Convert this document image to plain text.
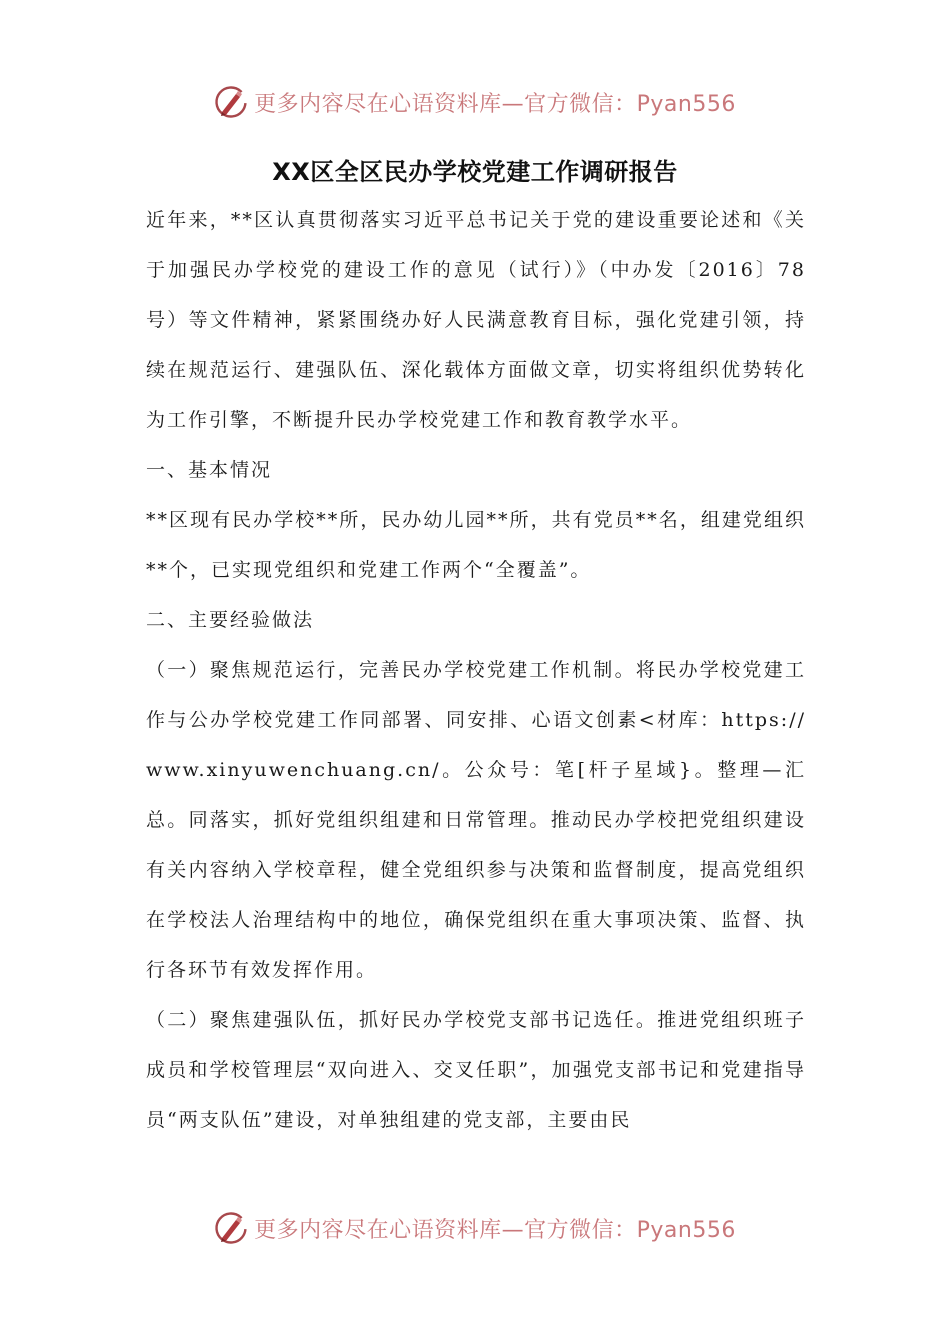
更多内容尽在心语资料库—官方微信：Pyan556
XX区全区民办学校党建工作调研报告

近年来，**区认真贯彻落实习近平总书记关于党的建设重要论述和《关于加强民办学校党的建设工作的意见（试行）》（中办发〔2016〕78号）等文件精神，紧紧围绕办好人民满意教育目标，强化党建引领，持续在规范运行、建强队伍、深化载体方面做文章，切实将组织优势转化为工作引擎，不断提升民办学校党建工作和教育教学水平。

一、基本情况

**区现有民办学校**所，民办幼儿园**所，共有党员**名，组建党组织**个，已实现党组织和党建工作两个“全覆盖”。

二、主要经验做法

（一）聚焦规范运行，完善民办学校党建工作机制。将民办学校党建工作与公办学校党建工作同部署、同安排、心语文创素<材库：https://www.xinyuwenchuang.cn/。公众号：笔[杆子星域}。整理—汇总。同落实，抓好党组织组建和日常管理。推动民办学校把党组织建设有关内容纳入学校章程，健全党组织参与决策和监督制度，提高党组织在学校法人治理结构中的地位，确保党组织在重大事项决策、监督、执行各环节有效发挥作用。

（二）聚焦建强队伍，抓好民办学校党支部书记选任。推进党组织班子成员和学校管理层“双向进入、交叉任职”，加强党支部书记和党建指导员“两支队伍”建设，对单独组建的党支部，主要由民

更多内容尽在心语资料库—官方微信：Pyan556
